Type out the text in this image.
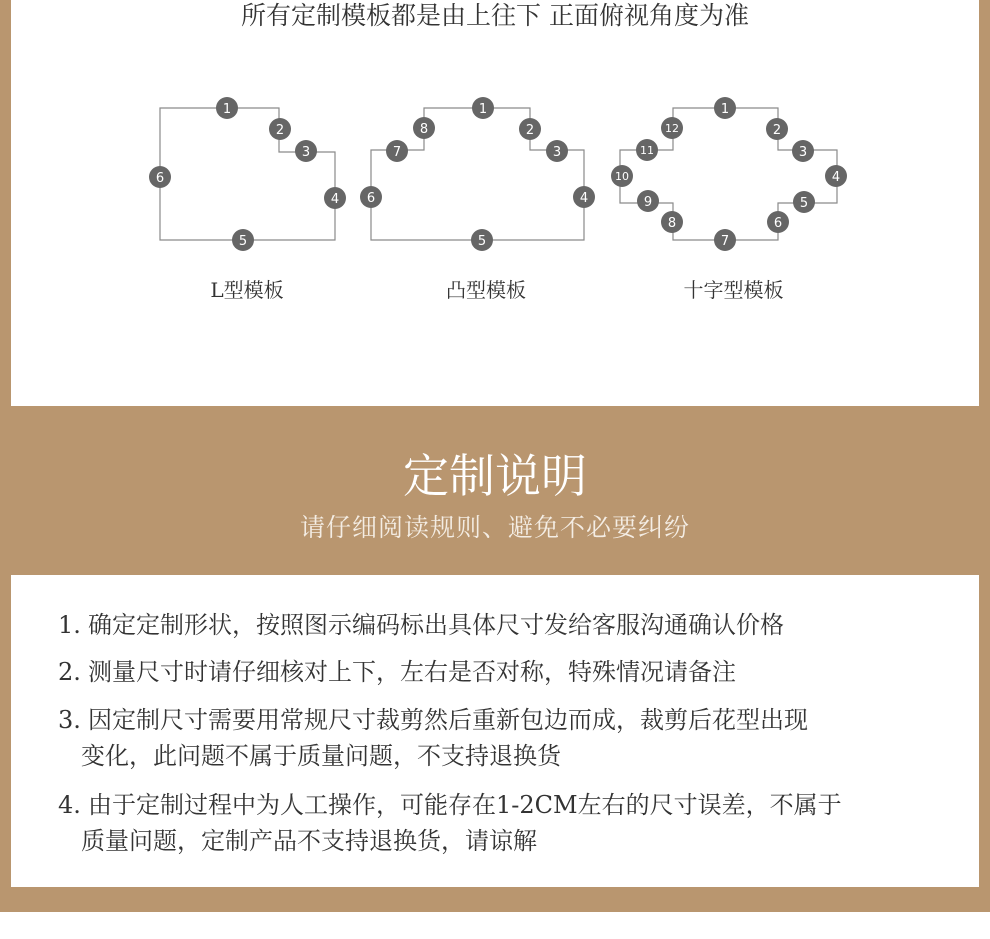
所有定制模板都是由上往下 正面俯视角度为准
1
2
3
4
5
6
1
2
3
4
5
6
7
8
1
2
3
4
5
6
7
8
9
10
11
12
L型模板	凸型模板	十字型模板
定制说明
请仔细阅读规则、避免不必要纠纷
1. 确定定制形状，按照图示编码标出具体尺寸发给客服沟通确认价格
2. 测量尺寸时请仔细核对上下，左右是否对称，特殊情况请备注
3. 因定制尺寸需要用常规尺寸裁剪然后重新包边而成，裁剪后花型出现
变化，此问题不属于质量问题，不支持退换货
4. 由于定制过程中为人工操作，可能存在1-2CM左右的尺寸误差，不属于
质量问题，定制产品不支持退换货，请谅解
